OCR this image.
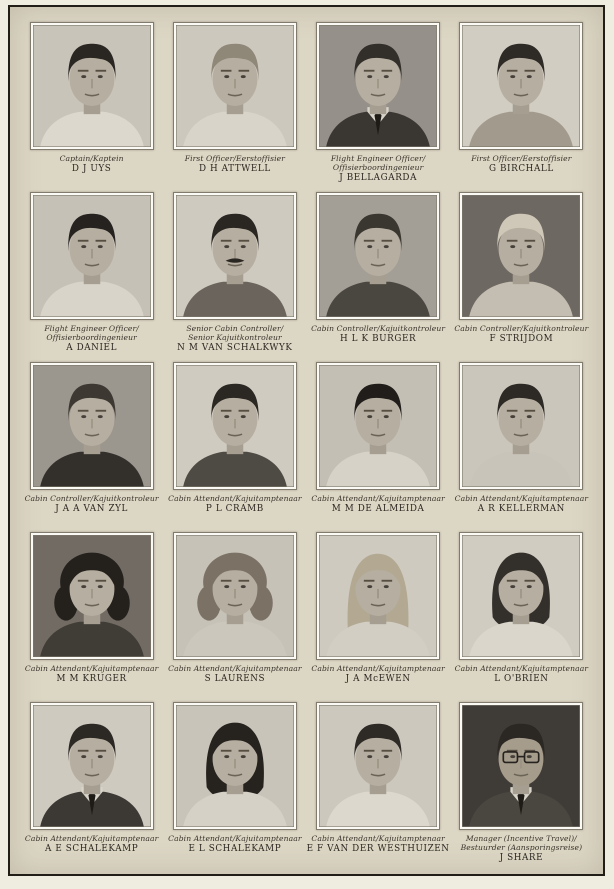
Captain/Kaptein
D J UYS
First Officer/Eerstoffisier
D H ATTWELL
Flight Engineer Officer/
Offisierboordingenieur
J BELLAGARDA
First Officer/Eerstoffisier
G BIRCHALL
Flight Engineer Officer/
Offisierboordingenieur
A DANIEL
Senior Cabin Controller/
Senior Kajuitkontroleur
N M VAN SCHALKWYK
Cabin Controller/Kajuitkontroleur
H L K BURGER
Cabin Controller/Kajuitkontroleur
F STRIJDOM
Cabin Controller/Kajuitkontroleur
J A A VAN ZYL
Cabin Attendant/Kajuitamptenaar
P L CRAMB
Cabin Attendant/Kajuitamptenaar
M M DE ALMEIDA
Cabin Attendant/Kajuitamptenaar
A R KELLERMAN
Cabin Attendant/Kajuitamptenaar
M M KRUGER
Cabin Attendant/Kajuitamptenaar
S LAURENS
Cabin Attendant/Kajuitamptenaar
J A McEWEN
Cabin Attendant/Kajuitamptenaar
L O'BRIEN
Cabin Attendant/Kajuitamptenaar
A E SCHALEKAMP
Cabin Attendant/Kajuitamptenaar
E L SCHALEKAMP
Cabin Attendant/Kajuitamptenaar
E F VAN DER WESTHUIZEN
Manager (Incentive Travel)/
Bestuurder (Aansporingsreise)
J SHARE
